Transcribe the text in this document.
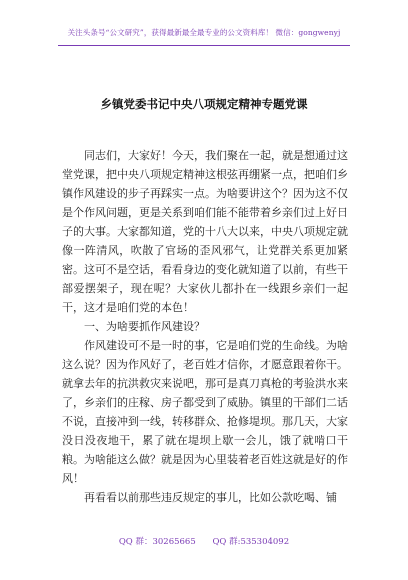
关注头条号“公文研究”，获得最新最全最专业的公文资料库！ 微信：gongwenyj
乡镇党委书记中央八项规定精神专题党课

同志们，大家好！今天，我们聚在一起，就是想通过这堂党课，把中央八项规定精神这根弦再绷紧一点，把咱们乡镇作风建设的步子再踩实一点。为啥要讲这个？因为这不仅是个作风问题，更是关系到咱们能不能带着乡亲们过上好日子的大事。大家都知道，党的十八大以来，中央八项规定就像一阵清风，吹散了官场的歪风邪气，让党群关系更加紧密。这可不是空话，看看身边的变化就知道了以前，有些干部爱摆架子，现在呢？大家伙儿都扑在一线跟乡亲们一起干，这才是咱们党的本色！

一、为啥要抓作风建设？

作风建设可不是一时的事，它是咱们党的生命线。为啥这么说？因为作风好了，老百姓才信你，才愿意跟着你干。就拿去年的抗洪救灾来说吧，那可是真刀真枪的考验洪水来了，乡亲们的庄稼、房子都受到了威胁。镇里的干部们二话不说，直接冲到一线，转移群众、抢修堤坝。那几天，大家没日没夜地干，累了就在堤坝上歇一会儿，饿了就啃口干粮。为啥能这么做？就是因为心里装着老百姓这就是好的作风！

再看看以前那些违反规定的事儿，比如公款吃喝、铺

QQ 群：30265665 QQ 群:535304092
